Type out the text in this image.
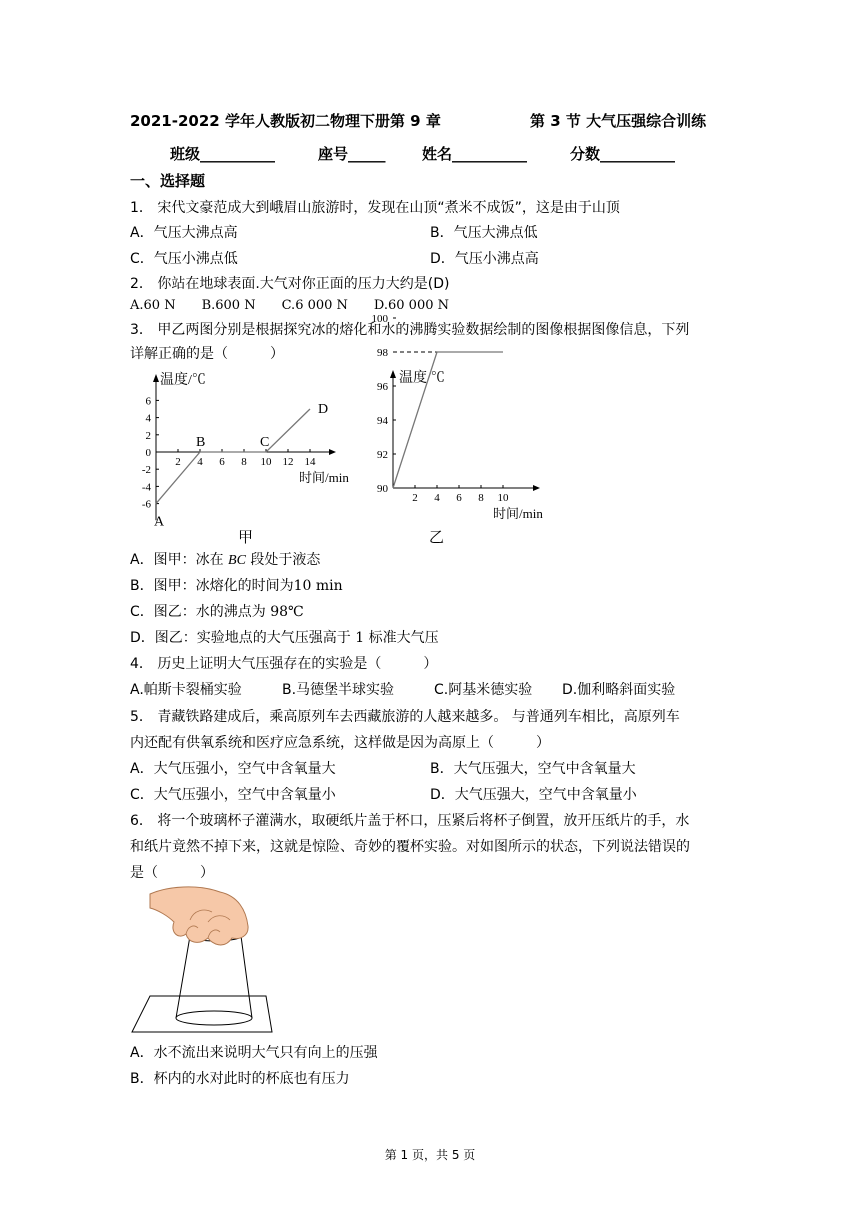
2021-2022 学年人教版初二物理下册第 9 章	第 3 节 大气压强综合训练
班级__________	座号_____ 姓名__________	分数__________
一、选择题
1． 宋代文豪范成大到峨眉山旅游时，发现在山顶“煮米不成饭”，这是由于山顶
A．气压大沸点高	B．气压大沸点低
C．气压小沸点低	D．气压小沸点高
2． 你站在地球表面.大气对你正面的压力大约是(D)
A.60 N　　B.600 N　　C.6 000 N　　D.60 000 N
3． 甲乙两图分别是根据探究冰的熔化和水的沸腾实验数据绘制的图像根据图像信息，下列
详解正确的是（　　　）
温度/℃
时间/min
-6
-4
-2
0
2
4
6
2 4 6 8 10 12 14
A
B	C
D
甲
温度/℃
时间/min
90
92
94
96
98
100
2 4 6 8 10
乙
A．图甲：冰在 BC 段处于液态
B．图甲：冰熔化的时间为10 min
C．图乙：水的沸点为 98℃
D．图乙：实验地点的大气压强高于 1 标准大气压
4． 历史上证明大气压强存在的实验是（　　　）
A.帕斯卡裂桶实验	B.马德堡半球实验	C.阿基米德实验 D.伽利略斜面实验
5． 青藏铁路建成后，乘高原列车去西藏旅游的人越来越多。 与普通列车相比，高原列车
内还配有供氧系统和医疗应急系统，这样做是因为高原上（　　　）
A．大气压强小，空气中含氧量大	B．大气压强大，空气中含氧量大
C．大气压强小，空气中含氧量小	D．大气压强大，空气中含氧量小
6． 将一个玻璃杯子灌满水，取硬纸片盖于杯口，压紧后将杯子倒置，放开压纸片的手，水
和纸片竟然不掉下来，这就是惊险、奇妙的覆杯实验。对如图所示的状态，下列说法错误的
是（　　　）
A．水不流出来说明大气只有向上的压强
B．杯内的水对此时的杯底也有压力
第 1 页，共 5 页
